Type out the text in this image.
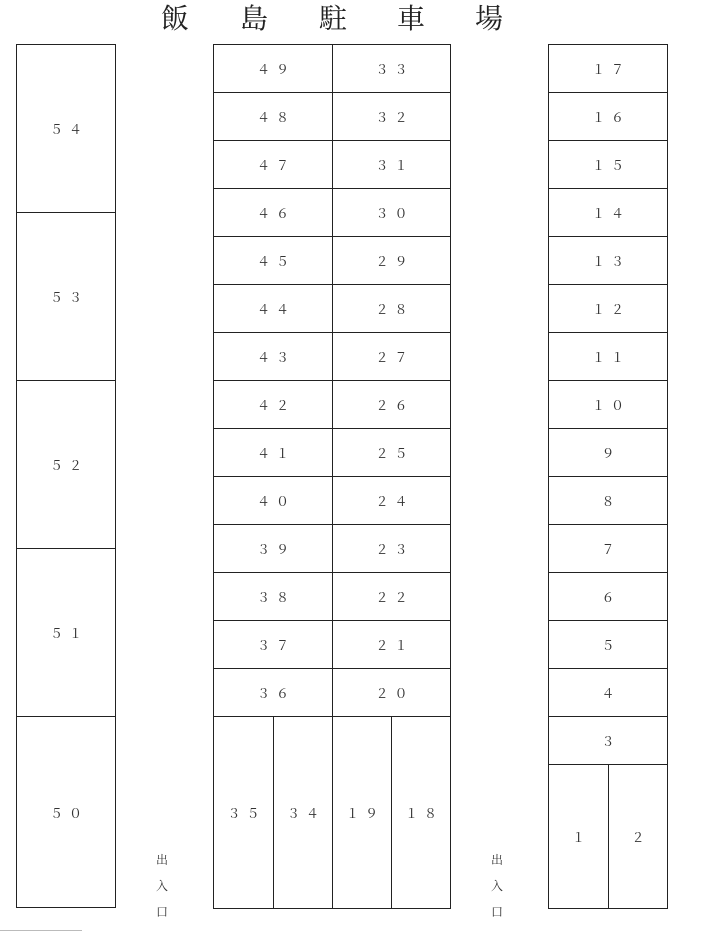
飯 島 駐 車 場
５４
５３
５２
５１
５０
４９	３３
４８	３２
４７	３１
４６	３０
４５	２９
４４	２８
４３	２７
４２	２６
４１	２５
４０	２４
３９	２３
３８	２２
３７	２１
３６	２０
３５	３４	１９	１８
１７
１６
１５
１４
１３
１２
１１
１０
９
８
７
６
５
４
３
１	２
出
入
口
出
入
口
